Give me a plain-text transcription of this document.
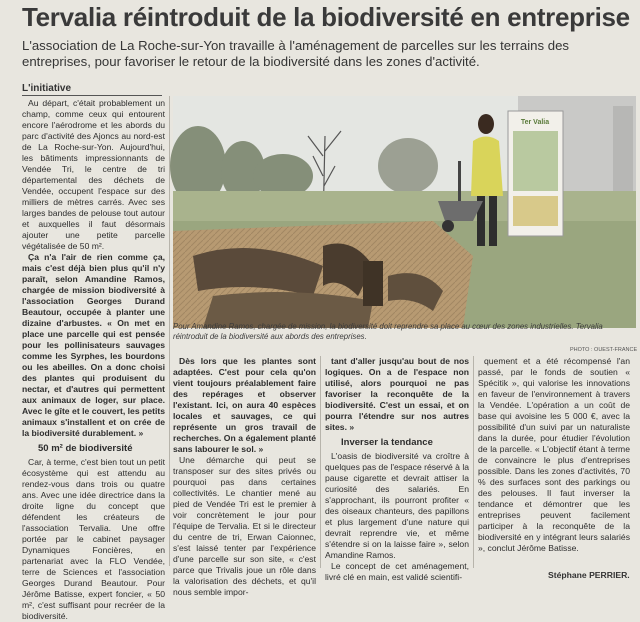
Tervalia réintroduit de la biodiversité en entreprise
L'association de La Roche-sur-Yon travaille à l'aménagement de parcelles sur les terrains des entreprises, pour favoriser le retour de la biodiversité dans les zones d'activité.
L'initiative

Au départ, c'était probablement un champ, comme ceux qui entourent encore l'aérodrome et les abords du parc d'activité des Ajoncs au nord-est de La Roche-sur-Yon. Aujourd'hui, les bâtiments impressionnants de Vendée Tri, le centre de tri départemental des déchets de Vendée, occupent l'espace sur des milliers de mètres carrés. Avec ses larges bandes de pelouse tout autour et auxquelles il faut désormais ajouter une petite parcelle végétalisée de 50 m².

Ça n'a l'air de rien comme ça, mais c'est déjà bien plus qu'il n'y paraît, selon Amandine Ramos, chargée de mission biodiversité à l'association Georges Durand Beautour, occupée à planter une dizaine d'arbustes. « On met en place une parcelle qui est pensée pour les pollinisateurs sauvages comme les Syrphes, les bourdons ou les abeilles. On a donc choisi des plantes qui produisent du nectar, et d'autres qui permettent aux animaux de loger, sur place. Avec le gîte et le couvert, les petits animaux s'installent et on crée de la biodiversité durablement. »

50 m² de biodiversité

Car, à terme, c'est bien tout un petit écosystème qui est attendu au rendez-vous dans trois ou quatre ans. Avec une idée directrice dans la droite ligne du concept que défendent les créateurs de l'association Tervalia. Une offre portée par le cabinet paysager Dynamiques Foncières, en partenariat avec la FLO Vendée, terre de Sciences et l'association Georges Durand Beautour. Pour Jérôme Batisse, expert foncier, « 50 m², c'est suffisant pour recréer de la biodiversité.

Ter Valia
Pour Amandine Ramos, chargée de mission, la biodiversité doit reprendre sa place au cœur des zones industrielles. Tervalia réintroduit de la biodiversité aux abords des entreprises.
PHOTO : OUEST-FRANCE

Dès lors que les plantes sont adaptées. C'est pour cela qu'on vient toujours préalablement faire des repérages et observer l'existant. Ici, on aura 40 espèces locales et sauvages, ce qui représente un gros travail de recherches. On a également planté sans labourer le sol. »

Une démarche qui peut se transposer sur des sites privés ou pourquoi pas dans certaines collectivités. Le chantier mené au pied de Vendée Tri est le premier à voir concrètement le jour pour l'équipe de Tervalia. Et si le directeur du centre de tri, Erwan Caionnec, s'est laissé tenter par l'expérience d'une parcelle sur son site, « c'est parce que Trivalis joue un rôle dans la valorisation des déchets, et qu'il nous semble impor-

tant d'aller jusqu'au bout de nos logiques. On a de l'espace non utilisé, alors pourquoi ne pas favoriser la reconquête de la biodiversité. C'est un essai, et on pourra l'étendre sur nos autres sites. »

Inverser la tendance

L'oasis de biodiversité va croître à quelques pas de l'espace réservé à la pause cigarette et devrait attiser la curiosité des salariés. En s'approchant, ils pourront profiter « des oiseaux chanteurs, des papillons et plus largement d'une nature qui devrait reprendre vie, et même s'étendre si on la laisse faire », selon Amandine Ramos.

Le concept de cet aménagement, livré clé en main, est validé scientifi-

quement et a été récompensé l'an passé, par le fonds de soutien « Spécitik », qui valorise les innovations en faveur de l'environnement à travers la Vendée. L'opération a un coût de base qui avoisine les 5 000 €, avec la possibilité d'un suivi par un naturaliste dans la durée, pour étudier l'évolution de la parcelle. « L'objectif étant à terme de convaincre le plus d'entreprises possible. Dans les zones d'activités, 70 % des surfaces sont des parkings ou des pelouses. Il faut inverser la tendance et démontrer que les entreprises peuvent facilement participer à la reconquête de la biodiversité en y intégrant leurs salariés », conclut Jérôme Batisse.

Stéphane PERRIER.
